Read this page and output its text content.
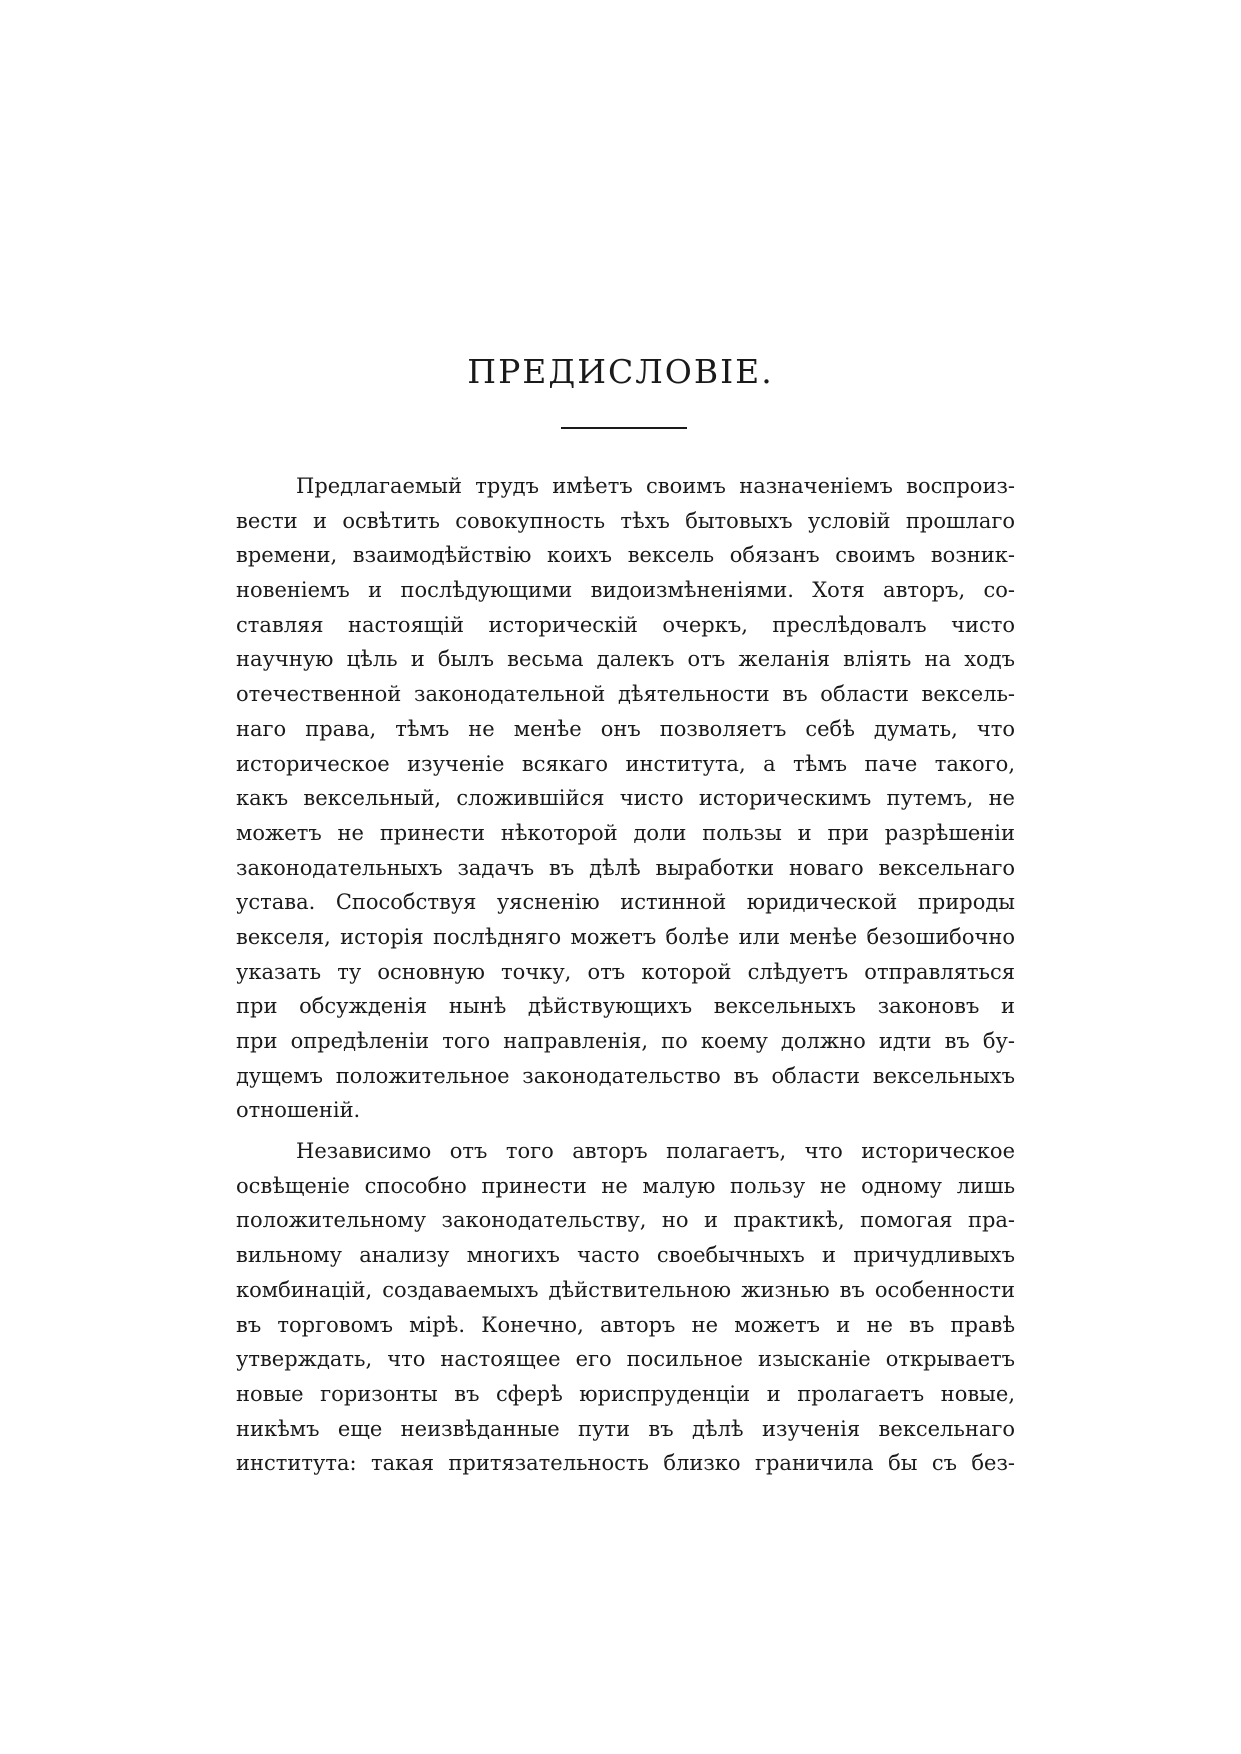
ПРЕДИСЛОВІЕ.
Предлагаемый трудъ имѣетъ своимъ назначеніемъ воспроиз-
вести и освѣтить совокупность тѣхъ бытовыхъ условій прошлаго
времени, взаимодѣйствію коихъ вексель обязанъ своимъ возник-
новеніемъ и послѣдующими видоизмѣненіями. Хотя авторъ, со-
ставляя настоящій историческій очеркъ, преслѣдовалъ чисто
научную цѣль и былъ весьма далекъ отъ желанія вліять на ходъ
отечественной законодательной дѣятельности въ области вексель-
наго права, тѣмъ не менѣе онъ позволяетъ себѣ думать, что
историческое изученіе всякаго института, а тѣмъ паче такого,
какъ вексельный, сложившійся чисто историческимъ путемъ, не
можетъ не принести нѣкоторой доли пользы и при разрѣшеніи
законодательныхъ задачъ въ дѣлѣ выработки новаго вексельнаго
устава. Способствуя уясненію истинной юридической природы
векселя, исторія послѣдняго можетъ болѣе или менѣе безошибочно
указать ту основную точку, отъ которой слѣдуетъ отправляться
при обсужденія нынѣ дѣйствующихъ вексельныхъ законовъ и
при опредѣленіи того направленія, по коему должно идти въ бу-
дущемъ положительное законодательство въ области вексельныхъ
отношеній.
Независимо отъ того авторъ полагаетъ, что историческое
освѣщеніе способно принести не малую пользу не одному лишь
положительному законодательству, но и практикѣ, помогая пра-
вильному анализу многихъ часто своебычныхъ и причудливыхъ
комбинацій, создаваемыхъ дѣйствительною жизнью въ особенности
въ торговомъ мірѣ. Конечно, авторъ не можетъ и не въ правѣ
утверждать, что настоящее его посильное изысканіе открываетъ
новые горизонты въ сферѣ юриспруденціи и пролагаетъ новые,
никѣмъ еще неизвѣданные пути въ дѣлѣ изученія вексельнаго
института: такая притязательность близко граничила бы съ без-
